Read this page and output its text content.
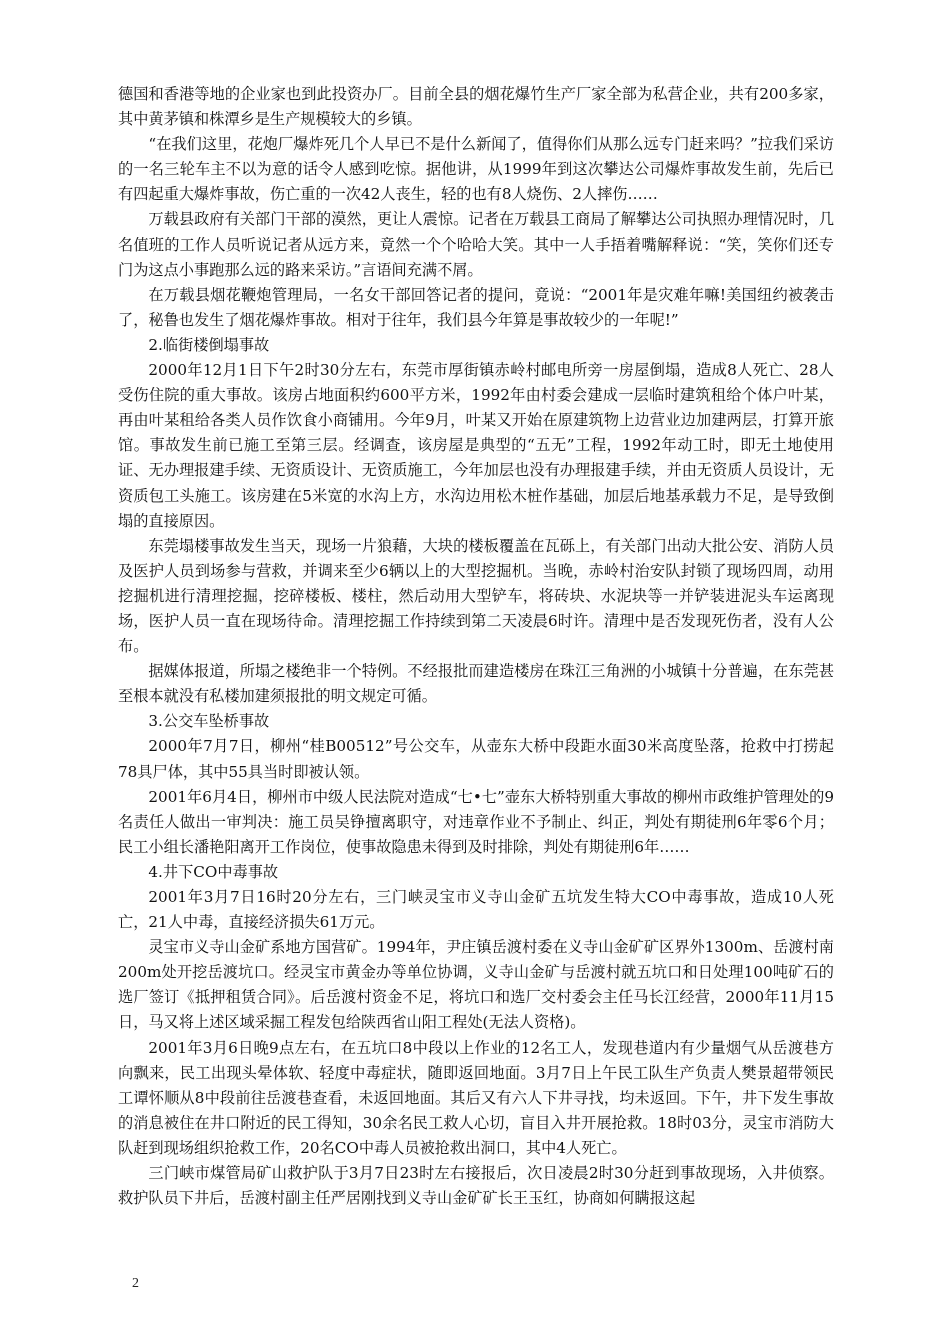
德国和香港等地的企业家也到此投资办厂。目前全县的烟花爆竹生产厂家全部为私营企业，共有200多家，其中黄茅镇和株潭乡是生产规模较大的乡镇。

“在我们这里，花炮厂爆炸死几个人早已不是什么新闻了，值得你们从那么远专门赶来吗？”拉我们采访的一名三轮车主不以为意的话令人感到吃惊。据他讲，从1999年到这次攀达公司爆炸事故发生前，先后已有四起重大爆炸事故，伤亡重的一次42人丧生，轻的也有8人烧伤、2人摔伤……

万载县政府有关部门干部的漠然，更让人震惊。记者在万载县工商局了解攀达公司执照办理情况时，几名值班的工作人员听说记者从远方来，竟然一个个哈哈大笑。其中一人手捂着嘴解释说：“笑，笑你们还专门为这点小事跑那么远的路来采访。”言语间充满不屑。

在万载县烟花鞭炮管理局，一名女干部回答记者的提问，竟说：“2001年是灾难年嘛!美国纽约被袭击了，秘鲁也发生了烟花爆炸事故。相对于往年，我们县今年算是事故较少的一年呢!”

2.临街楼倒塌事故

2000年12月1日下午2时30分左右，东莞市厚街镇赤岭村邮电所旁一房屋倒塌，造成8人死亡、28人受伤住院的重大事故。该房占地面积约600平方米，1992年由村委会建成一层临时建筑租给个体户叶某，再由叶某租给各类人员作饮食小商铺用。今年9月，叶某又开始在原建筑物上边营业边加建两层，打算开旅馆。事故发生前已施工至第三层。经调查，该房屋是典型的“五无”工程，1992年动工时，即无土地使用证、无办理报建手续、无资质设计、无资质施工，今年加层也没有办理报建手续，并由无资质人员设计，无资质包工头施工。该房建在5米宽的水沟上方，水沟边用松木桩作基础，加层后地基承载力不足，是导致倒塌的直接原因。

东莞塌楼事故发生当天，现场一片狼藉，大块的楼板覆盖在瓦砾上，有关部门出动大批公安、消防人员及医护人员到场参与营救，并调来至少6辆以上的大型挖掘机。当晚，赤岭村治安队封锁了现场四周，动用挖掘机进行清理挖掘，挖碎楼板、楼柱，然后动用大型铲车，将砖块、水泥块等一并铲装进泥头车运离现场，医护人员一直在现场待命。清理挖掘工作持续到第二天凌晨6时许。清理中是否发现死伤者，没有人公布。

据媒体报道，所塌之楼绝非一个特例。不经报批而建造楼房在珠江三角洲的小城镇十分普遍，在东莞甚至根本就没有私楼加建须报批的明文规定可循。

3.公交车坠桥事故

2000年7月7日，柳州“桂B00512”号公交车，从壶东大桥中段距水面30米高度坠落，抢救中打捞起78具尸体，其中55具当时即被认领。

2001年6月4日，柳州市中级人民法院对造成“七•七”壶东大桥特别重大事故的柳州市政维护管理处的9名责任人做出一审判决：施工员吴铮擅离职守，对违章作业不予制止、纠正，判处有期徒刑6年零6个月；民工小组长潘艳阳离开工作岗位，使事故隐患未得到及时排除，判处有期徒刑6年……

4.井下CO中毒事故

2001年3月7日16时20分左右，三门峡灵宝市义寺山金矿五坑发生特大CO中毒事故，造成10人死亡，21人中毒，直接经济损失61万元。

灵宝市义寺山金矿系地方国营矿。1994年，尹庄镇岳渡村委在义寺山金矿矿区界外1300m、岳渡村南200m处开挖岳渡坑口。经灵宝市黄金办等单位协调，义寺山金矿与岳渡村就五坑口和日处理100吨矿石的选厂签订《抵押租赁合同》。后岳渡村资金不足，将坑口和选厂交村委会主任马长江经营，2000年11月15日，马又将上述区域采掘工程发包给陕西省山阳工程处(无法人资格)。

2001年3月6日晚9点左右，在五坑口8中段以上作业的12名工人，发现巷道内有少量烟气从岳渡巷方向飘来，民工出现头晕体软、轻度中毒症状，随即返回地面。3月7日上午民工队生产负责人樊景超带领民工谭怀顺从8中段前往岳渡巷查看，未返回地面。其后又有六人下井寻找，均未返回。下午，井下发生事故的消息被住在井口附近的民工得知，30余名民工救人心切，盲目入井开展抢救。18时03分，灵宝市消防大队赶到现场组织抢救工作，20名CO中毒人员被抢救出洞口，其中4人死亡。

三门峡市煤管局矿山救护队于3月7日23时左右接报后，次日凌晨2时30分赶到事故现场，入井侦察。救护队员下井后，岳渡村副主任严居刚找到义寺山金矿矿长王玉红，协商如何瞒报这起

2
